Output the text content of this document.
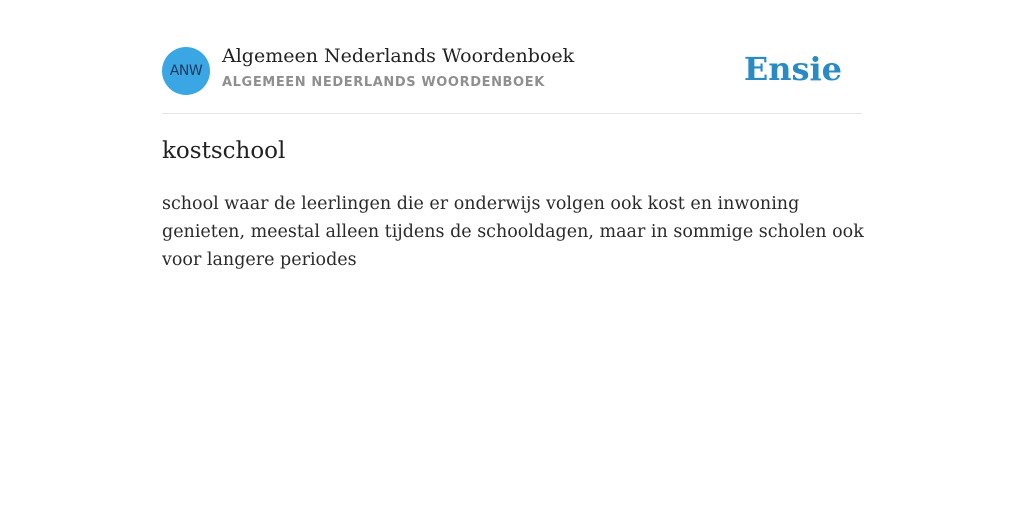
ANW
Algemeen Nederlands Woordenboek
ALGEMEEN NEDERLANDS WOORDENBOEK	Ensie
kostschool
school waar de leerlingen die er onderwijs volgen ook kost en inwoning genieten, meestal alleen tijdens de schooldagen, maar in sommige scholen ook voor langere periodes
